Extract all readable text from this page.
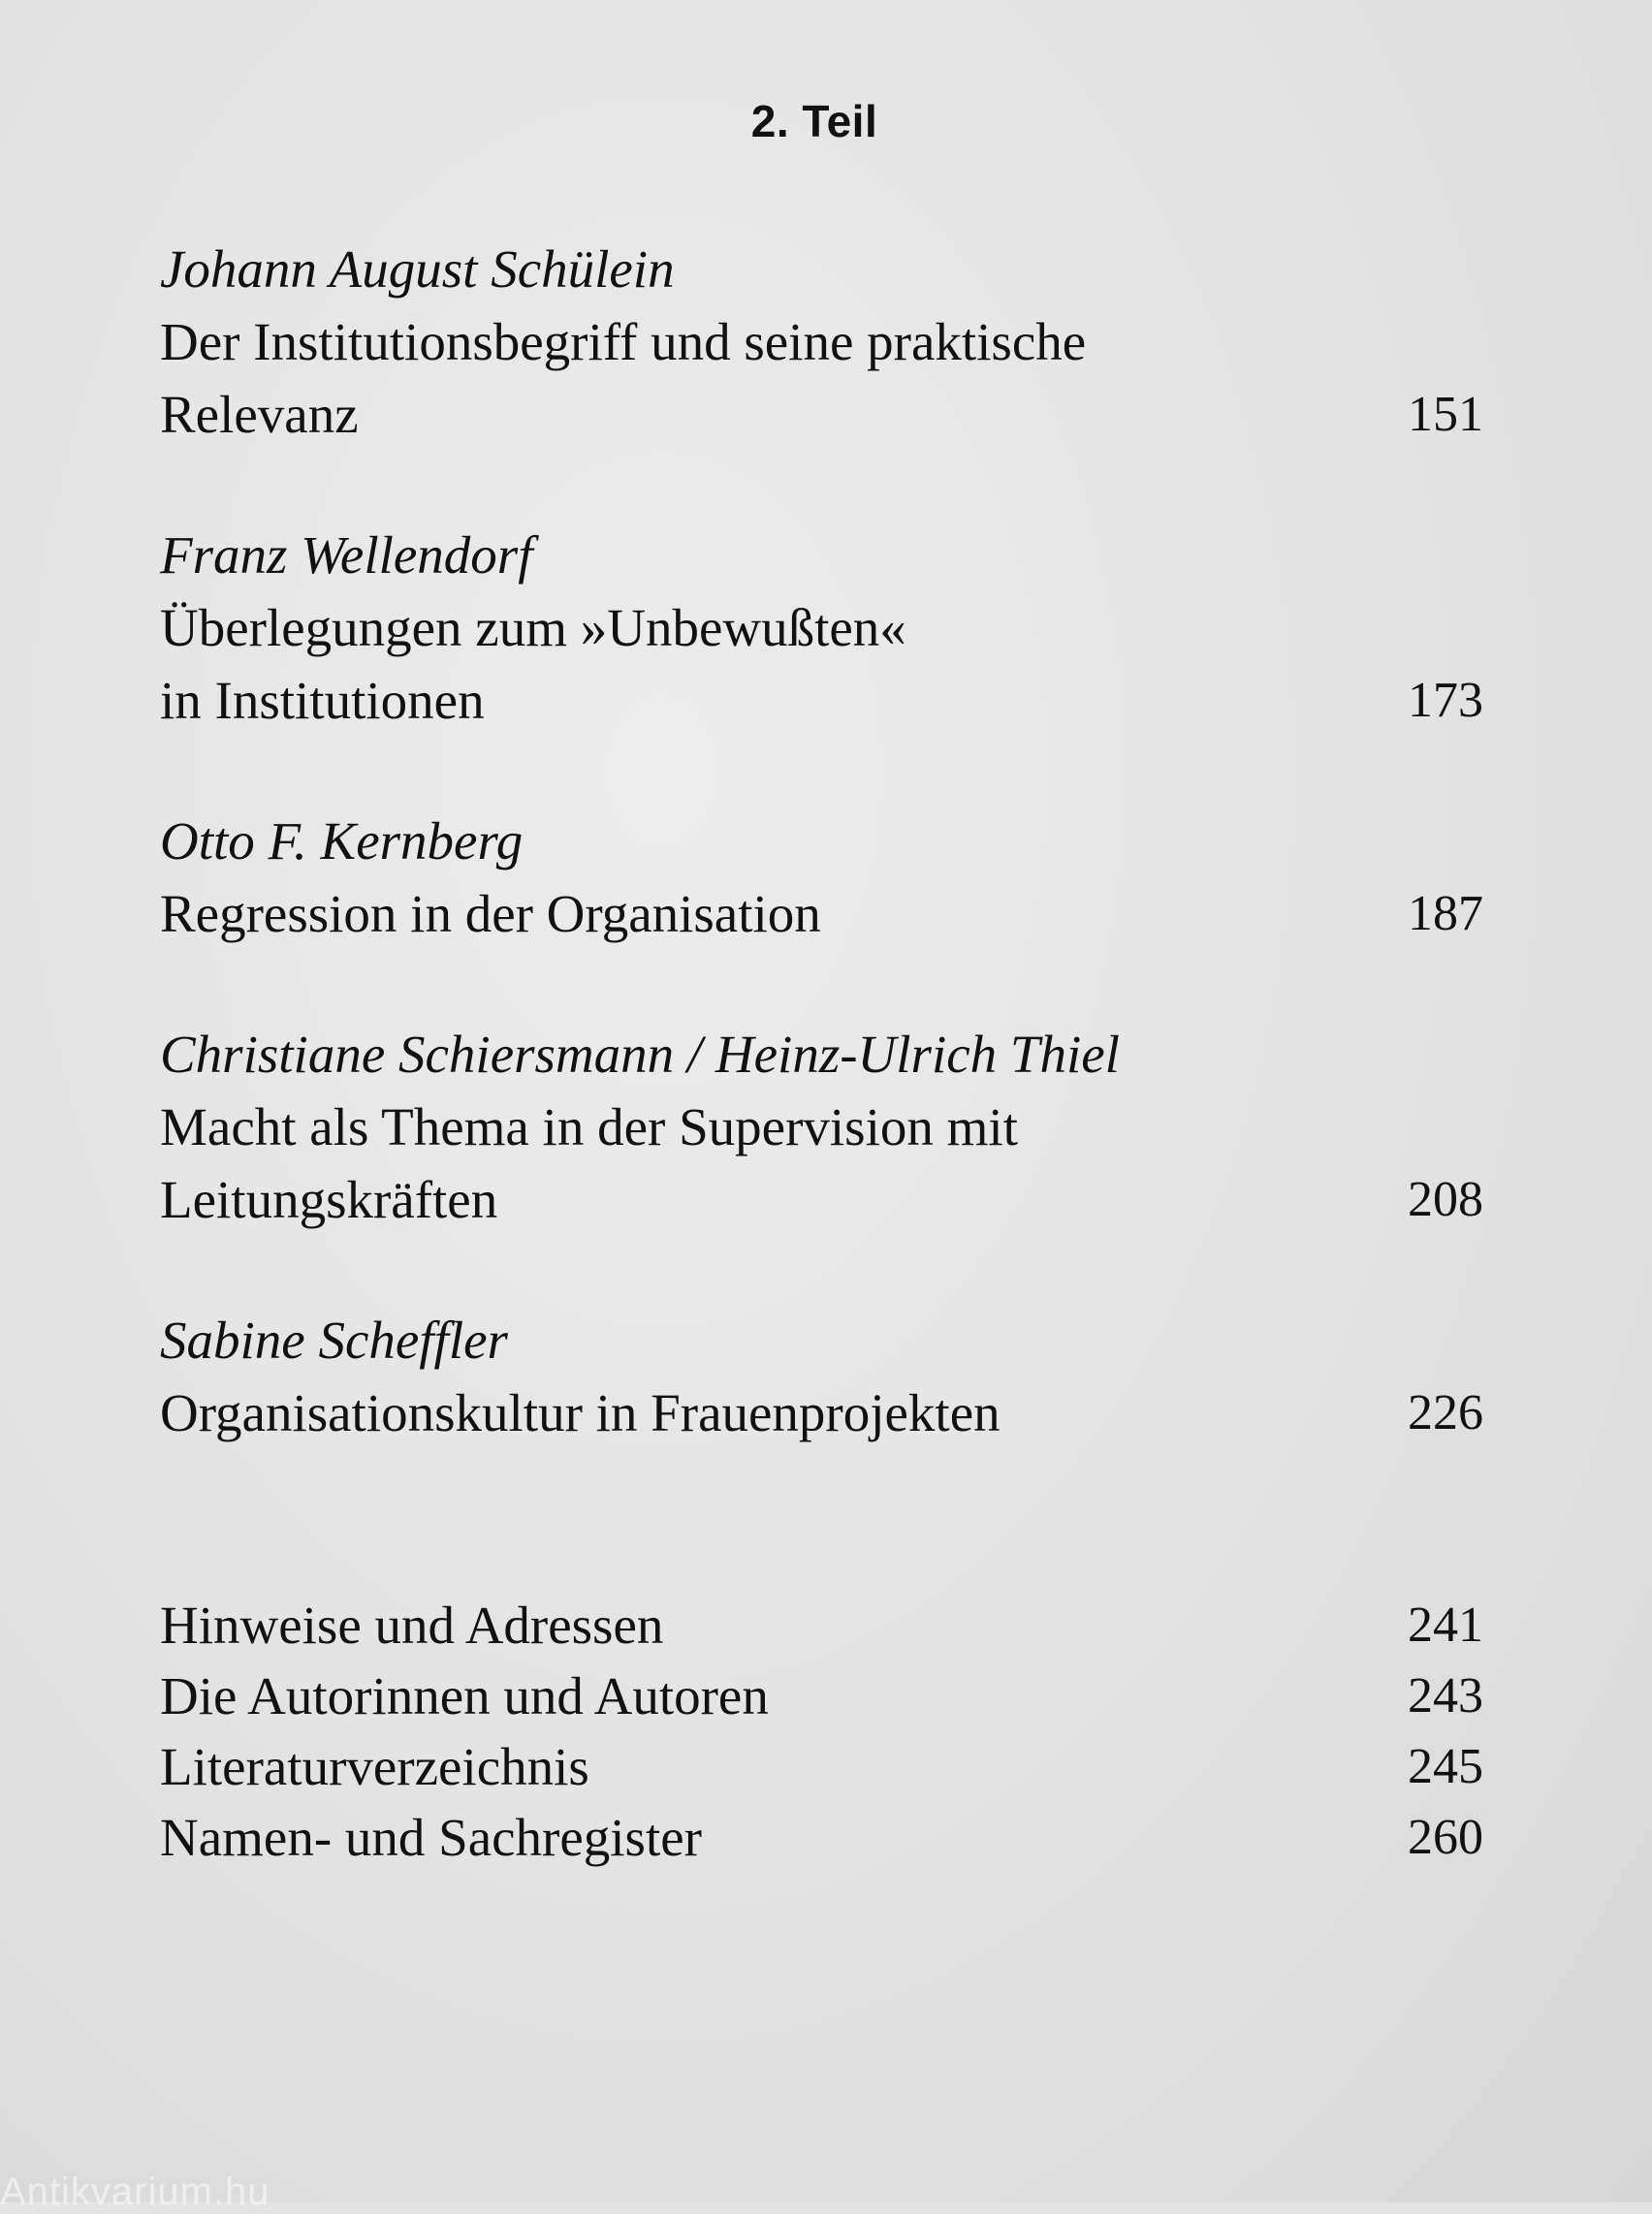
2. Teil
Johann August Schülein
Der Institutionsbegriff und seine praktische
Relevanz	151
Franz Wellendorf
Überlegungen zum »Unbewußten«
in Institutionen	173
Otto F. Kernberg
Regression in der Organisation	187
Christiane Schiersmann / Heinz-Ulrich Thiel
Macht als Thema in der Supervision mit
Leitungskräften	208
Sabine Scheffler
Organisationskultur in Frauenprojekten	226
Hinweise und Adressen	241
Die Autorinnen und Autoren	243
Literaturverzeichnis	245
Namen- und Sachregister	260
Antikvarium.hu
